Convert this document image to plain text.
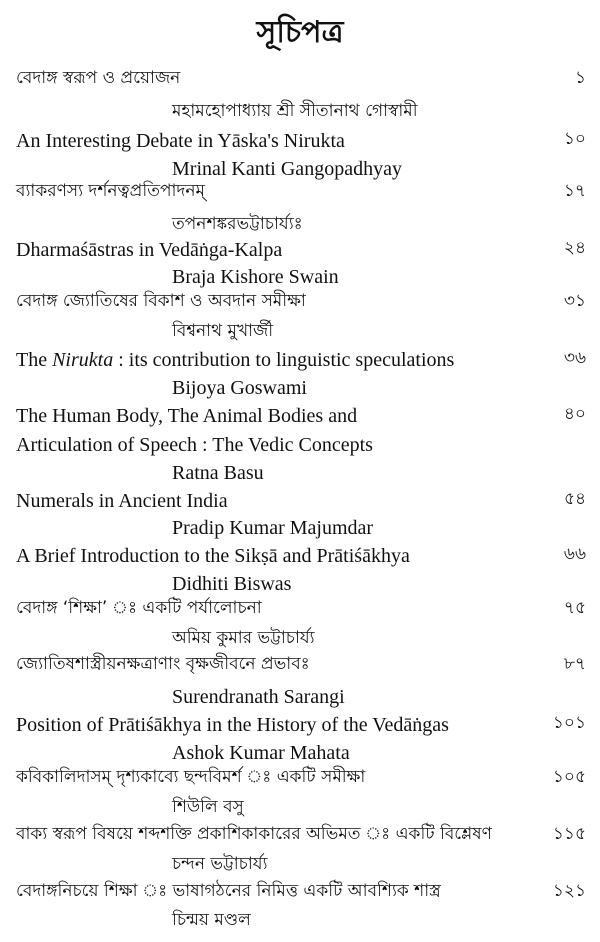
সূচিপত্র
বেদাঙ্গ স্বরূপ ও প্রয়োজন	১
মহামহোপাধ্যায় শ্রী সীতানাথ গোস্বামী
An Interesting Debate in Yāska's Nirukta	১০
Mrinal Kanti Gangopadhyay
ব্যাকরণস্য দর্শনত্বপ্রতিপাদনম্	১৭
তপনশঙ্করভট্টাচার্য্যঃ
Dharmaśāstras in Vedāṅga-Kalpa	২৪
Braja Kishore Swain
বেদাঙ্গ জ্যোতিষের বিকাশ ও অবদান সমীক্ষা	৩১
বিশ্বনাথ মুখার্জী
The Nirukta : its contribution to linguistic speculations	৩৬
Bijoya Goswami
The Human Body, The Animal Bodies and	৪০
Articulation of Speech : The Vedic Concepts
Ratna Basu
Numerals in Ancient India	৫৪
Pradip Kumar Majumdar
A Brief Introduction to the Sikṣā and Prātiśākhya	৬৬
Didhiti Biswas
বেদাঙ্গ ‘শিক্ষা’ ঃ একটি পর্যালোচনা	৭৫
অমিয় কুমার ভট্টাচার্য্য
জ্যোতিষশাস্ত্রীয়নক্ষত্রাণাং বৃক্ষজীবনে প্রভাবঃ	৮৭
Surendranath Sarangi
Position of Prātiśākhya in the History of the Vedāṅgas	১০১
Ashok Kumar Mahata
কবিকালিদাসম্ দৃশ্যকাব্যে ছন্দবিমর্শ ঃ একটি সমীক্ষা	১০৫
শিউলি বসু
বাক্য স্বরূপ বিষয়ে শব্দশক্তি প্রকাশিকাকারের অভিমত ঃ একটি বিশ্লেষণ	১১৫
চন্দন ভট্টাচার্য্য
বেদাঙ্গনিচয়ে শিক্ষা ঃ ভাষাগঠনের নিমিত্ত একটি আবশ্যিক শাস্ত্র	১২১
চিন্ময় মণ্ডল
